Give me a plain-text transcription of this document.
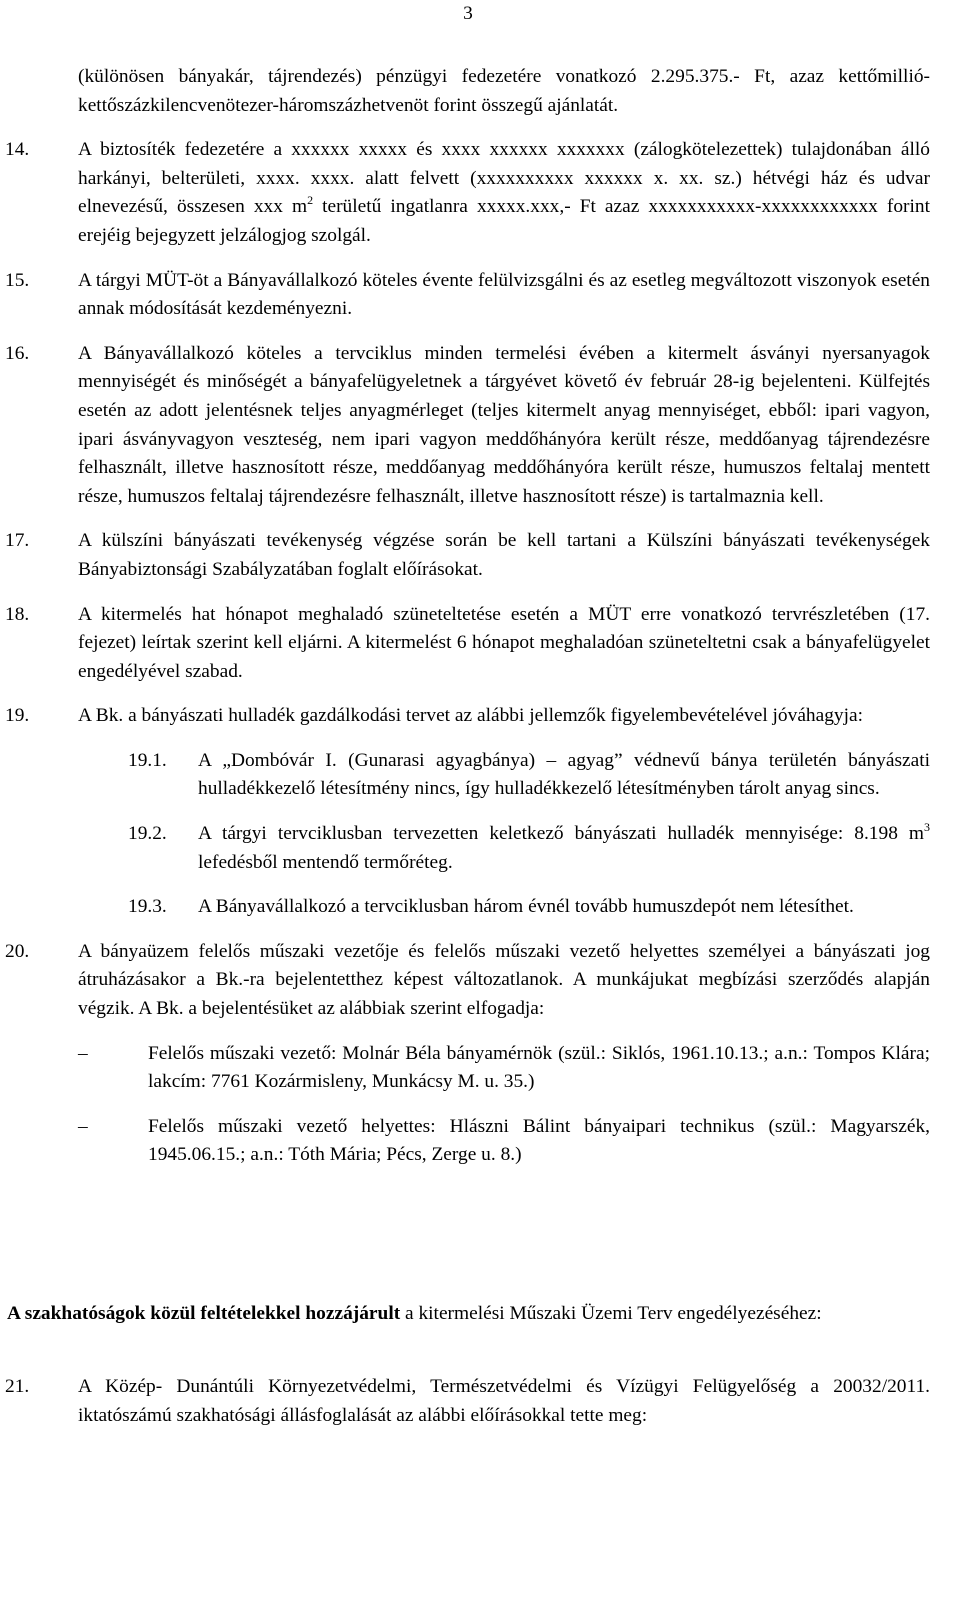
3
(különösen bányakár, tájrendezés) pénzügyi fedezetére vonatkozó 2.295.375.- Ft, azaz kettőmillió-kettőszázkilencvenötezer-háromszázhetvenöt forint összegű ajánlatát.
14.	A biztosíték fedezetére a xxxxxx xxxxx és xxxx xxxxxx xxxxxxx (zálogkötelezettek) tulajdonában álló harkányi, belterületi, xxxx. xxxx. alatt felvett (xxxxxxxxxx xxxxxx x. xx. sz.) hétvégi ház és udvar elnevezésű, összesen xxx $m^2$ területű ingatlanra xxxxx.xxx,- Ft azaz xxxxxxxxxxx-xxxxxxxxxxxx forint erejéig bejegyzett jelzálogjog szolgál.
15.	A tárgyi MÜT-öt a Bányavállalkozó köteles évente felülvizsgálni és az esetleg megváltozott viszonyok esetén annak módosítását kezdeményezni.
16.	A Bányavállalkozó köteles a tervciklus minden termelési évében a kitermelt ásványi nyersanyagok mennyiségét és minőségét a bányafelügyeletnek a tárgyévet követő év február 28-ig bejelenteni. Külfejtés esetén az adott jelentésnek teljes anyagmérleget (teljes kitermelt anyag mennyiséget, ebből: ipari vagyon, ipari ásványvagyon veszteség, nem ipari vagyon meddőhányóra került része, meddőanyag tájrendezésre felhasznált, illetve hasznosított része, meddőanyag meddőhányóra került része, humuszos feltalaj mentett része, humuszos feltalaj tájrendezésre felhasznált, illetve hasznosított része) is tartalmaznia kell.
17.	A külszíni bányászati tevékenység végzése során be kell tartani a Külszíni bányászati tevékenységek Bányabiztonsági Szabályzatában foglalt előírásokat.
18.	A kitermelés hat hónapot meghaladó szüneteltetése esetén a MÜT erre vonatkozó tervrészletében (17. fejezet) leírtak szerint kell eljárni. A kitermelést 6 hónapot meghaladóan szüneteltetni csak a bányafelügyelet engedélyével szabad.
19.	A Bk. a bányászati hulladék gazdálkodási tervet az alábbi jellemzők figyelembevételével jóváhagyja:
19.1. A „Dombóvár I. (Gunarasi agyagbánya) – agyag” védnevű bánya területén bányászati hulladékkezelő létesítmény nincs, így hulladékkezelő létesítményben tárolt anyag sincs.
19.2. A tárgyi tervciklusban tervezetten keletkező bányászati hulladék mennyisége: 8.198 $m^3$ lefedésből mentendő termőréteg.
19.3. A Bányavállalkozó a tervciklusban három évnél tovább humuszdepót nem létesíthet.
20.	A bányaüzem felelős műszaki vezetője és felelős műszaki vezető helyettes személyei a bányászati jog átruházásakor a Bk.-ra bejelentetthez képest változatlanok. A munkájukat megbízási szerződés alapján végzik. A Bk. a bejelentésüket az alábbiak szerint elfogadja:
–	Felelős műszaki vezető: Molnár Béla bányamérnök (szül.: Siklós, 1961.10.13.; a.n.: Tompos Klára; lakcím: 7761 Kozármisleny, Munkácsy M. u. 35.)
–	Felelős műszaki vezető helyettes: Hlászni Bálint bányaipari technikus (szül.: Magyarszék, 1945.06.15.; a.n.: Tóth Mária; Pécs, Zerge u. 8.)
A szakhatóságok közül feltételekkel hozzájárult a kitermelési Műszaki Üzemi Terv engedélyezéséhez:
21.	A Közép- Dunántúli Környezetvédelmi, Természetvédelmi és Vízügyi Felügyelőség a 20032/2011. iktatószámú szakhatósági állásfoglalását az alábbi előírásokkal tette meg:
